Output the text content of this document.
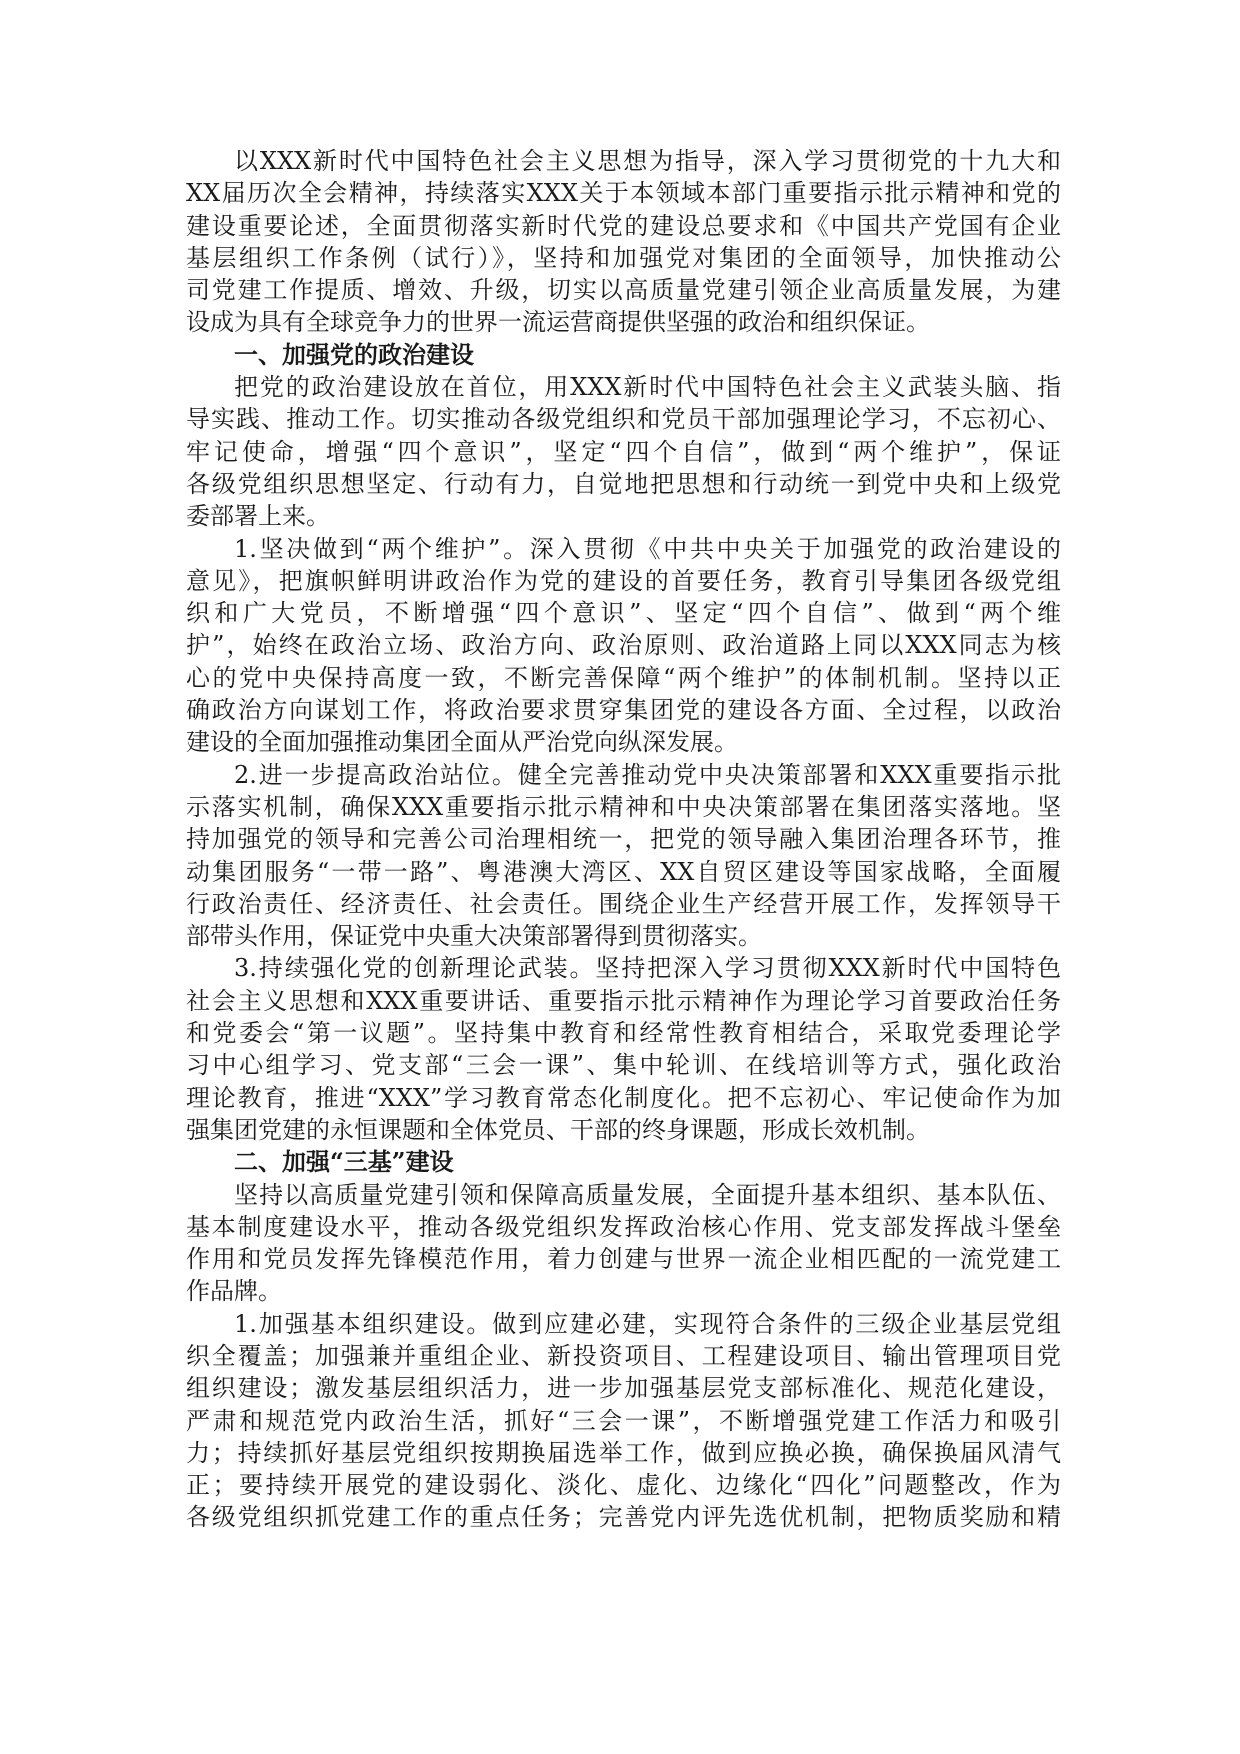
以XXX新时代中国特色社会主义思想为指导，深入学习贯彻党的十九大和
XX届历次全会精神，持续落实XXX关于本领域本部门重要指示批示精神和党的
建设重要论述，全面贯彻落实新时代党的建设总要求和《中国共产党国有企业
基层组织工作条例（试行）》，坚持和加强党对集团的全面领导，加快推动公
司党建工作提质、增效、升级，切实以高质量党建引领企业高质量发展，为建
设成为具有全球竞争力的世界一流运营商提供坚强的政治和组织保证。
一、加强党的政治建设
把党的政治建设放在首位，用XXX新时代中国特色社会主义武装头脑、指
导实践、推动工作。切实推动各级党组织和党员干部加强理论学习，不忘初心、
牢记使命，增强“四个意识”，坚定“四个自信”，做到“两个维护”，保证
各级党组织思想坚定、行动有力，自觉地把思想和行动统一到党中央和上级党
委部署上来。
1.坚决做到“两个维护”。深入贯彻《中共中央关于加强党的政治建设的
意见》，把旗帜鲜明讲政治作为党的建设的首要任务，教育引导集团各级党组
织和广大党员，不断增强“四个意识”、坚定“四个自信”、做到“两个维
护”，始终在政治立场、政治方向、政治原则、政治道路上同以XXX同志为核
心的党中央保持高度一致，不断完善保障“两个维护”的体制机制。坚持以正
确政治方向谋划工作，将政治要求贯穿集团党的建设各方面、全过程，以政治
建设的全面加强推动集团全面从严治党向纵深发展。
2.进一步提高政治站位。健全完善推动党中央决策部署和XXX重要指示批
示落实机制，确保XXX重要指示批示精神和中央决策部署在集团落实落地。坚
持加强党的领导和完善公司治理相统一，把党的领导融入集团治理各环节，推
动集团服务“一带一路”、粤港澳大湾区、XX自贸区建设等国家战略，全面履
行政治责任、经济责任、社会责任。围绕企业生产经营开展工作，发挥领导干
部带头作用，保证党中央重大决策部署得到贯彻落实。
3.持续强化党的创新理论武装。坚持把深入学习贯彻XXX新时代中国特色
社会主义思想和XXX重要讲话、重要指示批示精神作为理论学习首要政治任务
和党委会“第一议题”。坚持集中教育和经常性教育相结合，采取党委理论学
习中心组学习、党支部“三会一课”、集中轮训、在线培训等方式，强化政治
理论教育，推进“XXX”学习教育常态化制度化。把不忘初心、牢记使命作为加
强集团党建的永恒课题和全体党员、干部的终身课题，形成长效机制。
二、加强“三基”建设
坚持以高质量党建引领和保障高质量发展，全面提升基本组织、基本队伍、
基本制度建设水平，推动各级党组织发挥政治核心作用、党支部发挥战斗堡垒
作用和党员发挥先锋模范作用，着力创建与世界一流企业相匹配的一流党建工
作品牌。
1.加强基本组织建设。做到应建必建，实现符合条件的三级企业基层党组
织全覆盖；加强兼并重组企业、新投资项目、工程建设项目、输出管理项目党
组织建设；激发基层组织活力，进一步加强基层党支部标准化、规范化建设，
严肃和规范党内政治生活，抓好“三会一课”，不断增强党建工作活力和吸引
力；持续抓好基层党组织按期换届选举工作，做到应换必换，确保换届风清气
正；要持续开展党的建设弱化、淡化、虚化、边缘化“四化”问题整改，作为
各级党组织抓党建工作的重点任务；完善党内评先选优机制，把物质奖励和精
